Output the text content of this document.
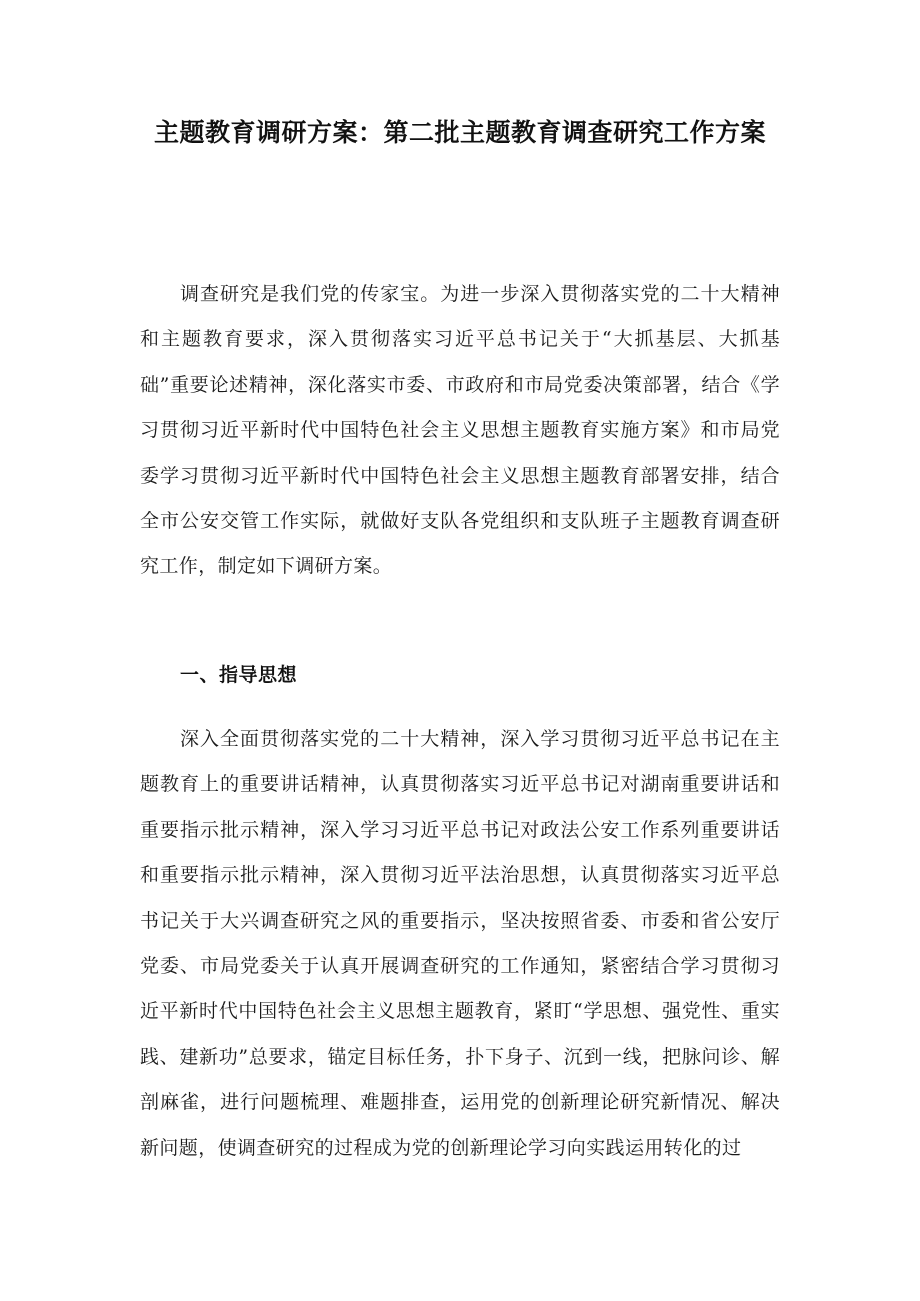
主题教育调研方案：第二批主题教育调查研究工作方案

调查研究是我们党的传家宝。为进一步深入贯彻落实党的二十大精神和主题教育要求，深入贯彻落实习近平总书记关于“大抓基层、大抓基础”重要论述精神，深化落实市委、市政府和市局党委决策部署，结合《学习贯彻习近平新时代中国特色社会主义思想主题教育实施方案》和市局党委学习贯彻习近平新时代中国特色社会主义思想主题教育部署安排，结合全市公安交管工作实际，就做好支队各党组织和支队班子主题教育调查研究工作，制定如下调研方案。

一、指导思想

深入全面贯彻落实党的二十大精神，深入学习贯彻习近平总书记在主题教育上的重要讲话精神，认真贯彻落实习近平总书记对湖南重要讲话和重要指示批示精神，深入学习习近平总书记对政法公安工作系列重要讲话和重要指示批示精神，深入贯彻习近平法治思想，认真贯彻落实习近平总书记关于大兴调查研究之风的重要指示，坚决按照省委、市委和省公安厅党委、市局党委关于认真开展调查研究的工作通知，紧密结合学习贯彻习近平新时代中国特色社会主义思想主题教育，紧盯“学思想、强党性、重实践、建新功”总要求，锚定目标任务，扑下身子、沉到一线，把脉问诊、解剖麻雀，进行问题梳理、难题排查，运用党的创新理论研究新情况、解决新问题，使调查研究的过程成为党的创新理论学习向实践运用转化的过
